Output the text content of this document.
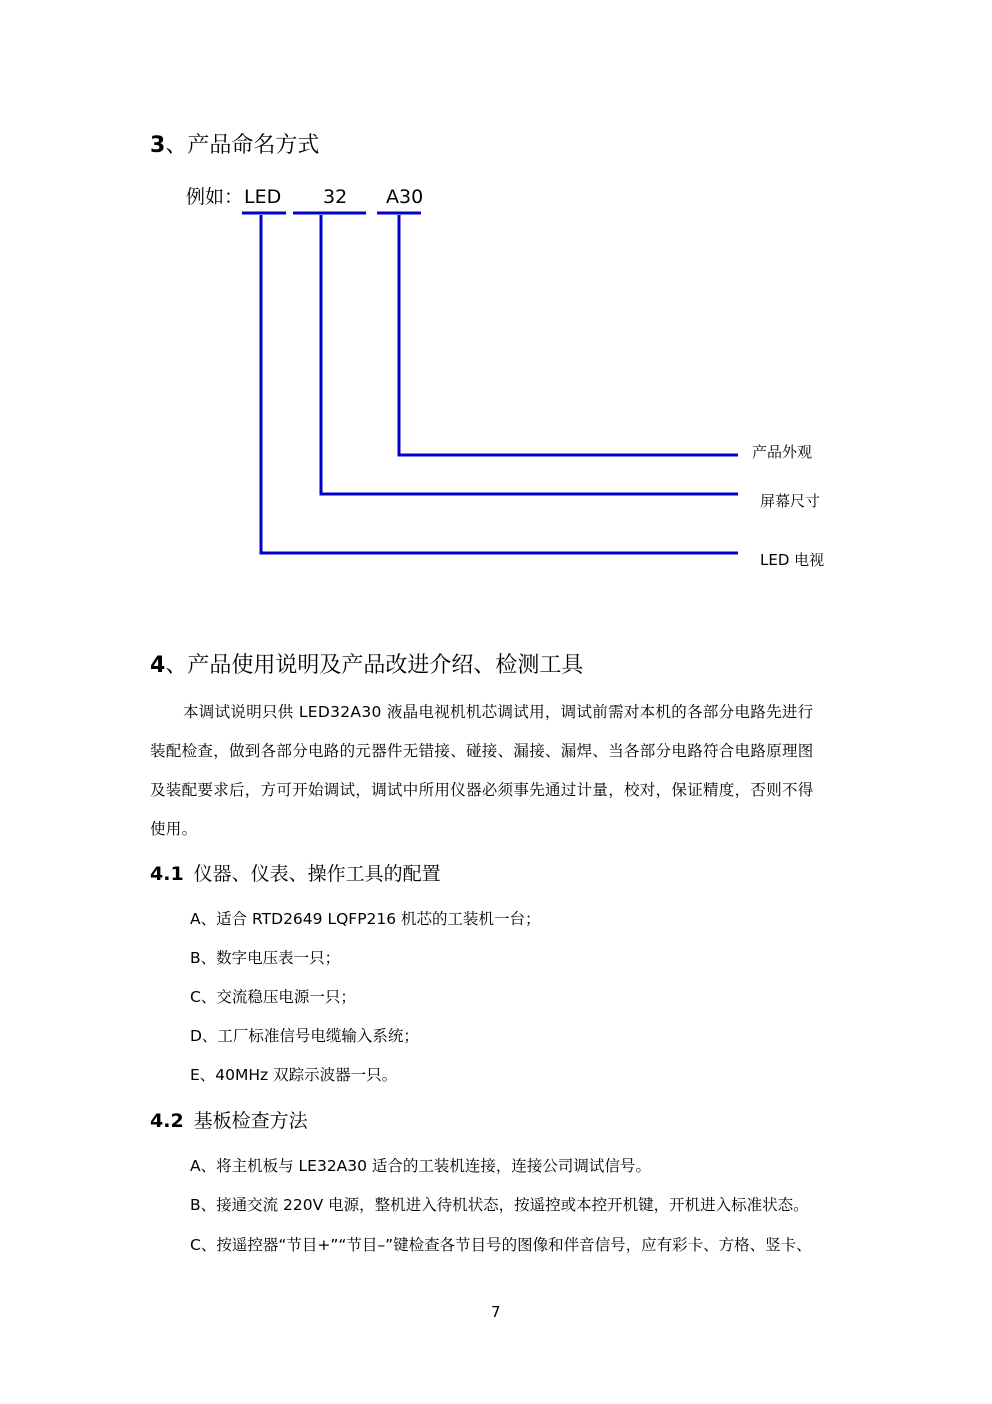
3、产品命名方式
例如： LED 32 A30
产品外观
屏幕尺寸
LED 电视
4、产品使用说明及产品改进介绍、检测工具
本调试说明只供 LED32A30 液晶电视机机芯调试用，调试前需对本机的各部分电路先进行
装配检查，做到各部分电路的元器件无错接、碰接、漏接、漏焊、当各部分电路符合电路原理图
及装配要求后，方可开始调试，调试中所用仪器必须事先通过计量，校对，保证精度，否则不得
使用。
4.1 仪器、仪表、操作工具的配置
A、适合 RTD2649 LQFP216 机芯的工装机一台；
B、数字电压表一只；
C、交流稳压电源一只；
D、工厂标准信号电缆输入系统；
E、40MHz 双踪示波器一只。
4.2 基板检查方法
A、将主机板与 LE32A30 适合的工装机连接，连接公司调试信号。
B、接通交流 220V 电源，整机进入待机状态，按遥控或本控开机键，开机进入标准状态。
C、按遥控器“节目+”“节目–”键检查各节目号的图像和伴音信号，应有彩卡、方格、竖卡、
7
